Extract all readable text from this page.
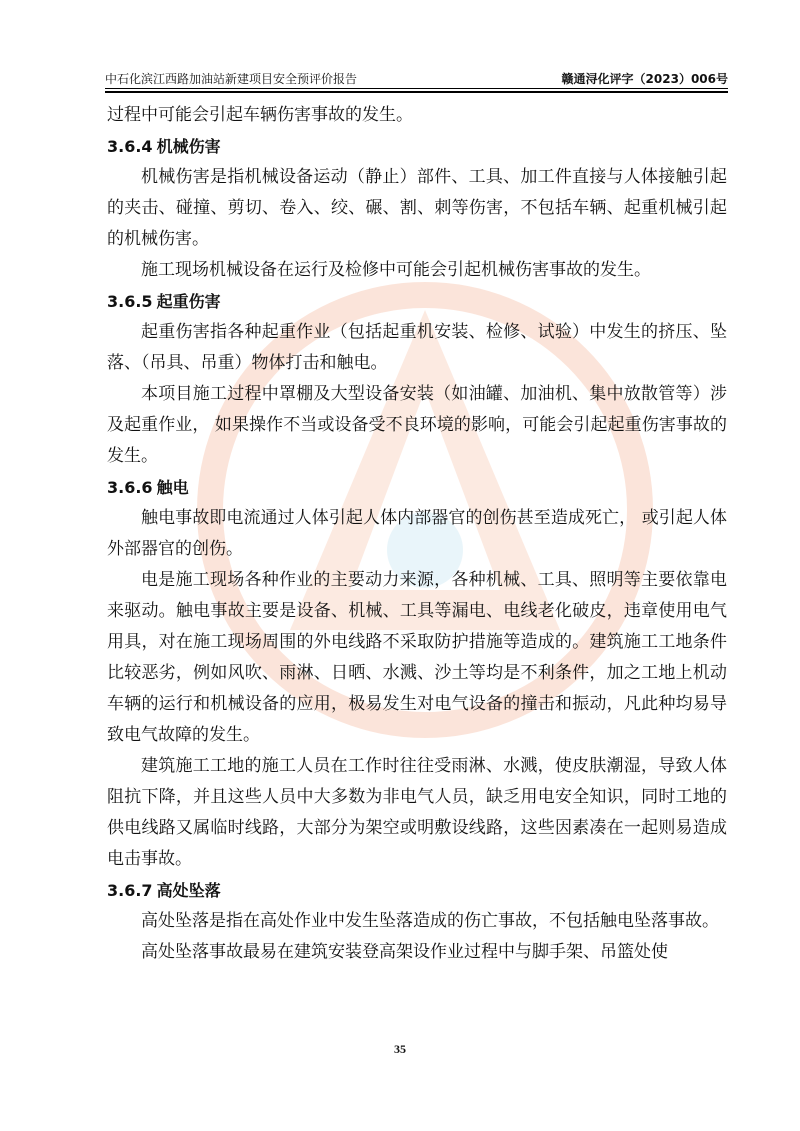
中石化滨江西路加油站新建项目安全预评价报告	赣通浔化评字（2023）006号

过程中可能会引起车辆伤害事故的发生。

3.6.4 机械伤害

机械伤害是指机械设备运动（静止）部件、工具、加工件直接与人体接触引起的夹击、碰撞、剪切、卷入、绞、碾、割、刺等伤害，不包括车辆、起重机械引起的机械伤害。

施工现场机械设备在运行及检修中可能会引起机械伤害事故的发生。

3.6.5 起重伤害

起重伤害指各种起重作业（包括起重机安装、检修、试验）中发生的挤压、坠落、（吊具、吊重）物体打击和触电。

本项目施工过程中罩棚及大型设备安装（如油罐、加油机、集中放散管等）涉及起重作业， 如果操作不当或设备受不良环境的影响，可能会引起起重伤害事故的发生。

3.6.6 触电

触电事故即电流通过人体引起人体内部器官的创伤甚至造成死亡， 或引起人体外部器官的创伤。

电是施工现场各种作业的主要动力来源，各种机械、工具、照明等主要依靠电来驱动。触电事故主要是设备、机械、工具等漏电、电线老化破皮，违章使用电气用具，对在施工现场周围的外电线路不采取防护措施等造成的。建筑施工工地条件比较恶劣，例如风吹、雨淋、日晒、水溅、沙土等均是不利条件，加之工地上机动车辆的运行和机械设备的应用，极易发生对电气设备的撞击和振动，凡此种均易导致电气故障的发生。

建筑施工工地的施工人员在工作时往往受雨淋、水溅，使皮肤潮湿，导致人体阻抗下降，并且这些人员中大多数为非电气人员，缺乏用电安全知识，同时工地的供电线路又属临时线路，大部分为架空或明敷设线路，这些因素凑在一起则易造成电击事故。

3.6.7 高处坠落

高处坠落是指在高处作业中发生坠落造成的伤亡事故，不包括触电坠落事故。

高处坠落事故最易在建筑安装登高架设作业过程中与脚手架、吊篮处使

35
